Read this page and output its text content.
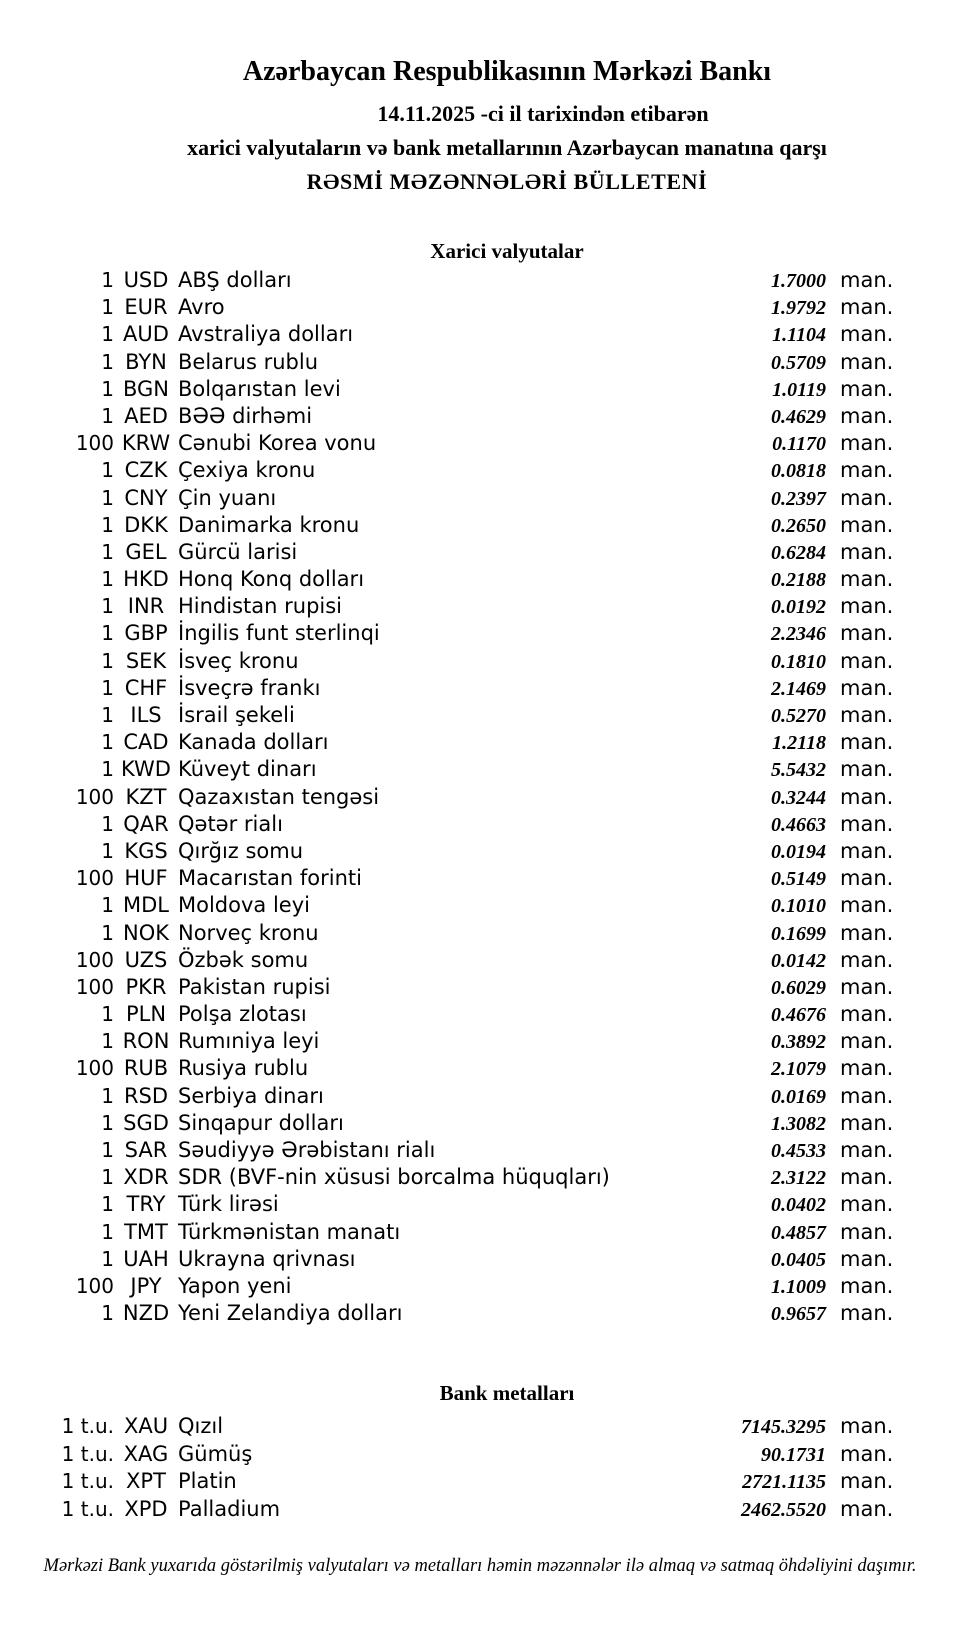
Azərbaycan Respublikasının Mərkəzi Bankı
14.11.2025 -ci il tarixindən etibarən
xarici valyutaların və bank metallarının Azərbaycan manatına qarşı
RƏSMİ MƏZƏNNƏLƏRİ BÜLLETENİ
Xarici valyutalar
1 USD ABŞ dolları	1.7000 man.
1 EUR Avro	1.9792 man.
1 AUD Avstraliya dolları	1.1104 man.
1 BYN Belarus rublu	0.5709 man.
1 BGN Bolqarıstan levi	1.0119 man.
1 AED BƏƏ dirhəmi	0.4629 man.
100 KRW Cənubi Korea vonu	0.1170 man.
1 CZK Çexiya kronu	0.0818 man.
1 CNY Çin yuanı	0.2397 man.
1 DKK Danimarka kronu	0.2650 man.
1 GEL Gürcü larisi	0.6284 man.
1 HKD Honq Konq dolları	0.2188 man.
1 INR Hindistan rupisi	0.0192 man.
1 GBP İngilis funt sterlinqi	2.2346 man.
1 SEK İsveç kronu	0.1810 man.
1 CHF İsveçrə frankı	2.1469 man.
1 ILS İsrail şekeli	0.5270 man.
1 CAD Kanada dolları	1.2118 man.
1 KWD Küveyt dinarı	5.5432 man.
100 KZT Qazaxıstan tengəsi	0.3244 man.
1 QAR Qətər rialı	0.4663 man.
1 KGS Qırğız somu	0.0194 man.
100 HUF Macarıstan forinti	0.5149 man.
1 MDL Moldova leyi	0.1010 man.
1 NOK Norveç kronu	0.1699 man.
100 UZS Özbək somu	0.0142 man.
100 PKR Pakistan rupisi	0.6029 man.
1 PLN Polşa zlotası	0.4676 man.
1 RON Rumıniya leyi	0.3892 man.
100 RUB Rusiya rublu	2.1079 man.
1 RSD Serbiya dinarı	0.0169 man.
1 SGD Sinqapur dolları	1.3082 man.
1 SAR Səudiyyə Ərəbistanı rialı	0.4533 man.
1 XDR SDR (BVF-nin xüsusi borcalma hüquqları)	2.3122 man.
1 TRY Türk lirəsi	0.0402 man.
1 TMT Türkmənistan manatı	0.4857 man.
1 UAH Ukrayna qrivnası	0.0405 man.
100 JPY Yapon yeni	1.1009 man.
1 NZD Yeni Zelandiya dolları	0.9657 man.
Bank metalları
1 t.u. XAU Qızıl	7145.3295 man.
1 t.u. XAG Gümüş	90.1731 man.
1 t.u. XPT Platin	2721.1135 man.
1 t.u. XPD Palladium	2462.5520 man.
Mərkəzi Bank yuxarıda göstərilmiş valyutaları və metalları həmin məzənnələr ilə almaq və satmaq öhdəliyini daşımır.
